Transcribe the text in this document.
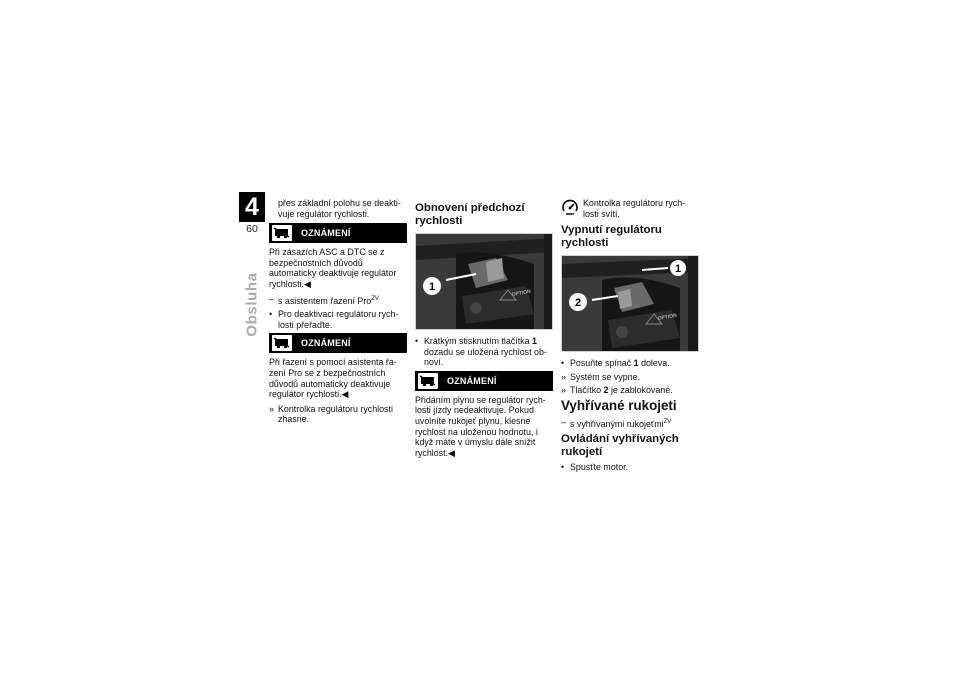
4
60
Obsluha
přes základní polohu se deakti-vuje regulátor rychlosti.
OZNÁMENÍ
Při zásazích ASC a DTC se z bezpečnostních důvodů automaticky deaktivuje regulátor rychlosti.◀
– s asistentem řazení Pro$^{ZV}$
• Pro deaktivaci regulátoru rych-losti přeřaďte.
OZNÁMENÍ
Při řazení s pomocí asistenta řa-zení Pro se z bezpečnostních důvodů automaticky deaktivuje regulátor rychlosti.◀
» Kontrolka regulátoru rychlosti zhasne.
Obnovení předchozí rychlosti
1
OPTION
• Krátkým stisknutím tlačítka 1 dozadu se uložená rychlost ob-noví.
OZNÁMENÍ
Přidáním plynu se regulátor rych-losti jízdy nedeaktivuje. Pokud uvolníte rukojeť plynu, klesne rychlost na uloženou hodnotu, i když máte v úmyslu dále snížit rychlost.◀
Kontrolka regulátoru rych-losti svítí.
Vypnutí regulátoru rychlosti
1
2
OPTION
• Posuňte spínač 1 doleva.
» Systém se vypne.
» Tlačítko 2 je zablokované.
Vyhřívané rukojeti
– s vyhřívanými rukojeťmi$^{ZV}$
Ovládání vyhřívaných rukojetí
• Spusťte motor.
